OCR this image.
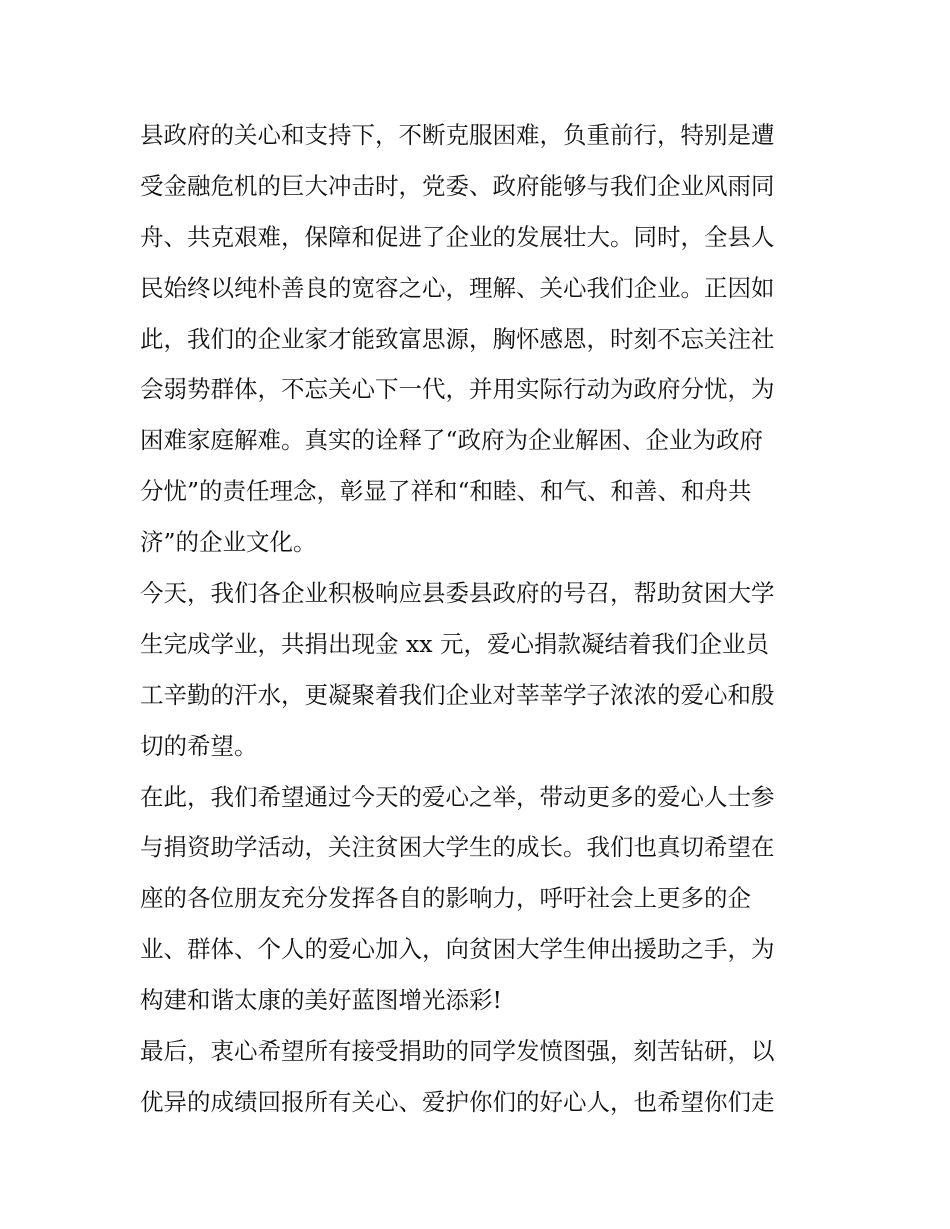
县政府的关心和支持下，不断克服困难，负重前行，特别是遭
受金融危机的巨大冲击时，党委、政府能够与我们企业风雨同
舟、共克艰难，保障和促进了企业的发展壮大。同时，全县人
民始终以纯朴善良的宽容之心，理解、关心我们企业。正因如
此，我们的企业家才能致富思源，胸怀感恩，时刻不忘关注社
会弱势群体，不忘关心下一代，并用实际行动为政府分忧，为
困难家庭解难。真实的诠释了“政府为企业解困、企业为政府
分忧”的责任理念，彰显了祥和“和睦、和气、和善、和舟共
济”的企业文化。
今天，我们各企业积极响应县委县政府的号召，帮助贫困大学
生完成学业，共捐出现金 xx 元，爱心捐款凝结着我们企业员
工辛勤的汗水，更凝聚着我们企业对莘莘学子浓浓的爱心和殷
切的希望。
在此，我们希望通过今天的爱心之举，带动更多的爱心人士参
与捐资助学活动，关注贫困大学生的成长。我们也真切希望在
座的各位朋友充分发挥各自的影响力，呼吁社会上更多的企
业、群体、个人的爱心加入，向贫困大学生伸出援助之手，为
构建和谐太康的美好蓝图增光添彩!
最后，衷心希望所有接受捐助的同学发愤图强，刻苦钻研，以
优异的成绩回报所有关心、爱护你们的好心人，也希望你们走
